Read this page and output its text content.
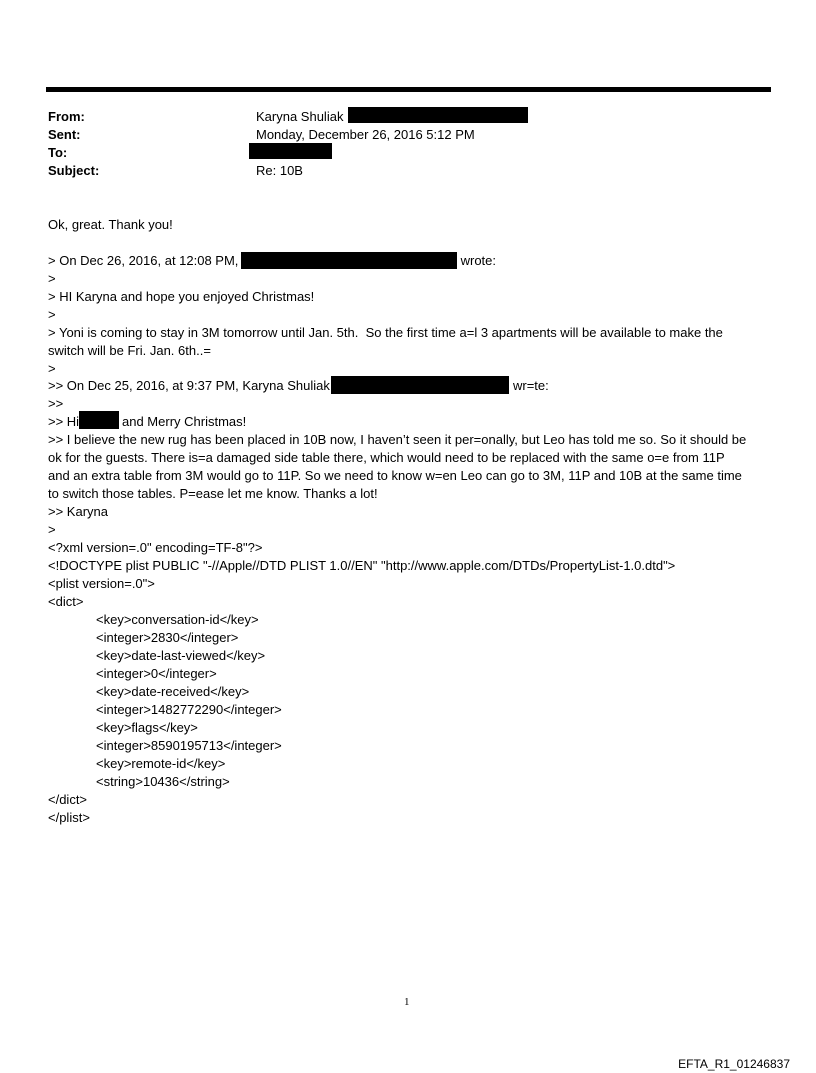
From:	Karyna Shuliak
Sent:	Monday, December 26, 2016 5:12 PM
To:
Subject:	Re: 10B
Ok, great. Thank you!
> On Dec 26, 2016, at 12:08 PM,	wrote:
>
> HI Karyna and hope you enjoyed Christmas!
>
> Yoni is coming to stay in 3M tomorrow until Jan. 5th.  So the first time a=l 3 apartments will be available to make the
switch will be Fri. Jan. 6th..=
>
>> On Dec 25, 2016, at 9:37 PM, Karyna Shuliak	wr=te:
>>
>> Hi	and Merry Christmas!
>> I believe the new rug has been placed in 10B now, I haven’t seen it per=onally, but Leo has told me so. So it should be
ok for the guests. There is=a damaged side table there, which would need to be replaced with the same o=e from 11P
and an extra table from 3M would go to 11P. So we need to know w=en Leo can go to 3M, 11P and 10B at the same time
to switch those tables. P=ease let me know. Thanks a lot!
>> Karyna
>
<?xml version=.0" encoding=TF-8"?>
<!DOCTYPE plist PUBLIC "-//Apple//DTD PLIST 1.0//EN" "http://www.apple.com/DTDs/PropertyList-1.0.dtd">
<plist version=.0">
<dict>
<key>conversation-id</key>
<integer>2830</integer>
<key>date-last-viewed</key>
<integer>0</integer>
<key>date-received</key>
<integer>1482772290</integer>
<key>flags</key>
<integer>8590195713</integer>
<key>remote-id</key>
<string>10436</string>
</dict>
</plist>
1
EFTA_R1_01246837
